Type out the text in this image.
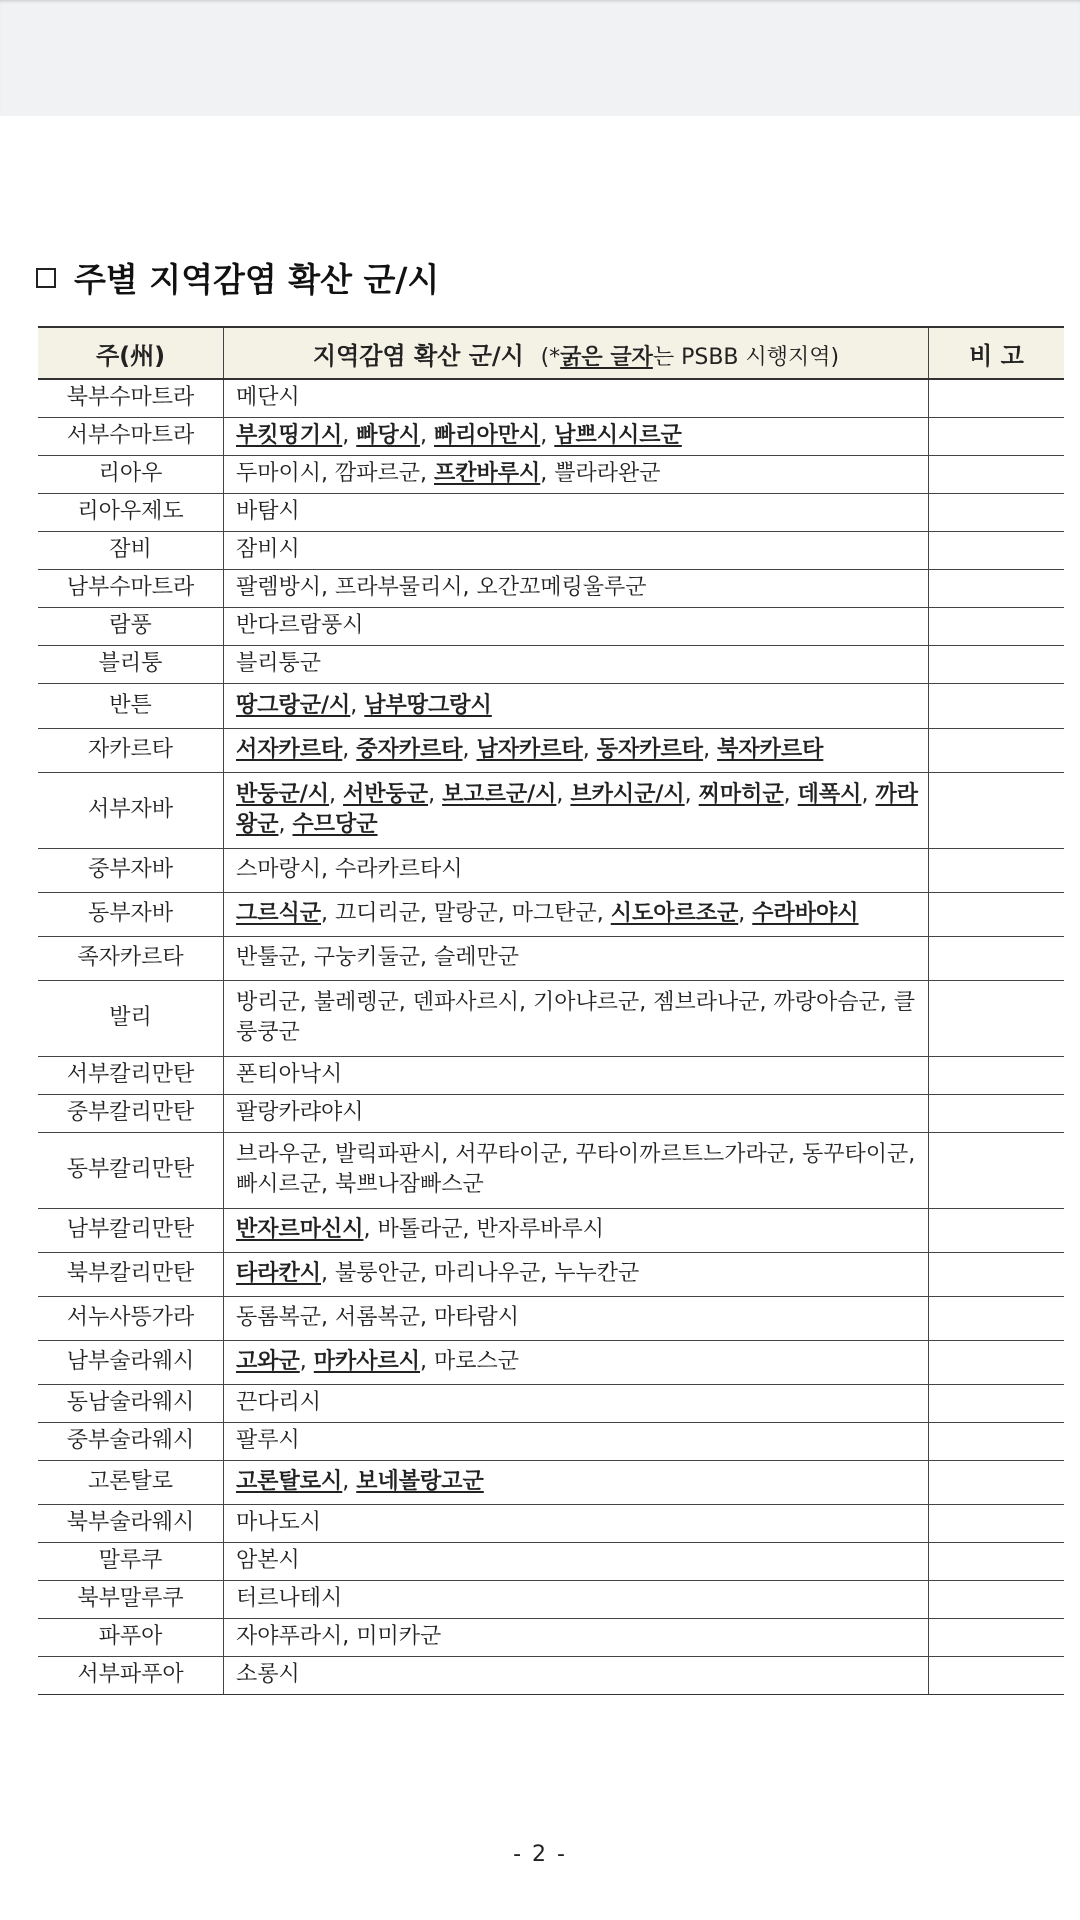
주별 지역감염 확산 군/시
주(州)	지역감염 확산 군/시 (*굵은 글자는 PSBB 시행지역)	비 고
북부수마트라	메단시	
서부수마트라	부킷띵기시, 빠당시, 빠리아만시, 남쁘시시르군	
리아우	두마이시, 깜파르군, 프칸바루시, 쁠라라완군	
리아우제도	바탐시	
잠비	잠비시	
남부수마트라	팔렘방시, 프라부물리시, 오간꼬메링울루군	
람풍	반다르람풍시	
블리퉁	블리퉁군	
반튼	땅그랑군/시, 남부땅그랑시	
자카르타	서자카르타, 중자카르타, 남자카르타, 동자카르타, 북자카르타	
서부자바	반둥군/시, 서반둥군, 보고르군/시, 브카시군/시, 찌마히군, 데폭시, 까라왕군, 수므당군	
중부자바	스마랑시, 수라카르타시	
동부자바	그르식군, 끄디리군, 말랑군, 마그탄군, 시도아르조군, 수라바야시	
족자카르타	반툴군, 구눙키둘군, 슬레만군	
발리	방리군, 불레렝군, 덴파사르시, 기아냐르군, 젬브라나군, 까랑아슴군, 클룽쿵군	
서부칼리만탄	폰티아낙시	
중부칼리만탄	팔랑카랴야시	
동부칼리만탄	브라우군, 발릭파판시, 서꾸타이군, 꾸타이까르트느가라군, 동꾸타이군, 빠시르군, 북쁘나잠빠스군	
남부칼리만탄	반자르마신시, 바톨라군, 반자루바루시	
북부칼리만탄	타라칸시, 불룽안군, 마리나우군, 누누칸군	
서누사뜽가라	동롬복군, 서롬복군, 마타람시	
남부술라웨시	고와군, 마카사르시, 마로스군	
동남술라웨시	끈다리시	
중부술라웨시	팔루시	
고론탈로	고론탈로시, 보네볼랑고군	
북부술라웨시	마나도시	
말루쿠	암본시	
북부말루쿠	터르나테시	
파푸아	자야푸라시, 미미카군	
서부파푸아	소롱시	
- 2 -
